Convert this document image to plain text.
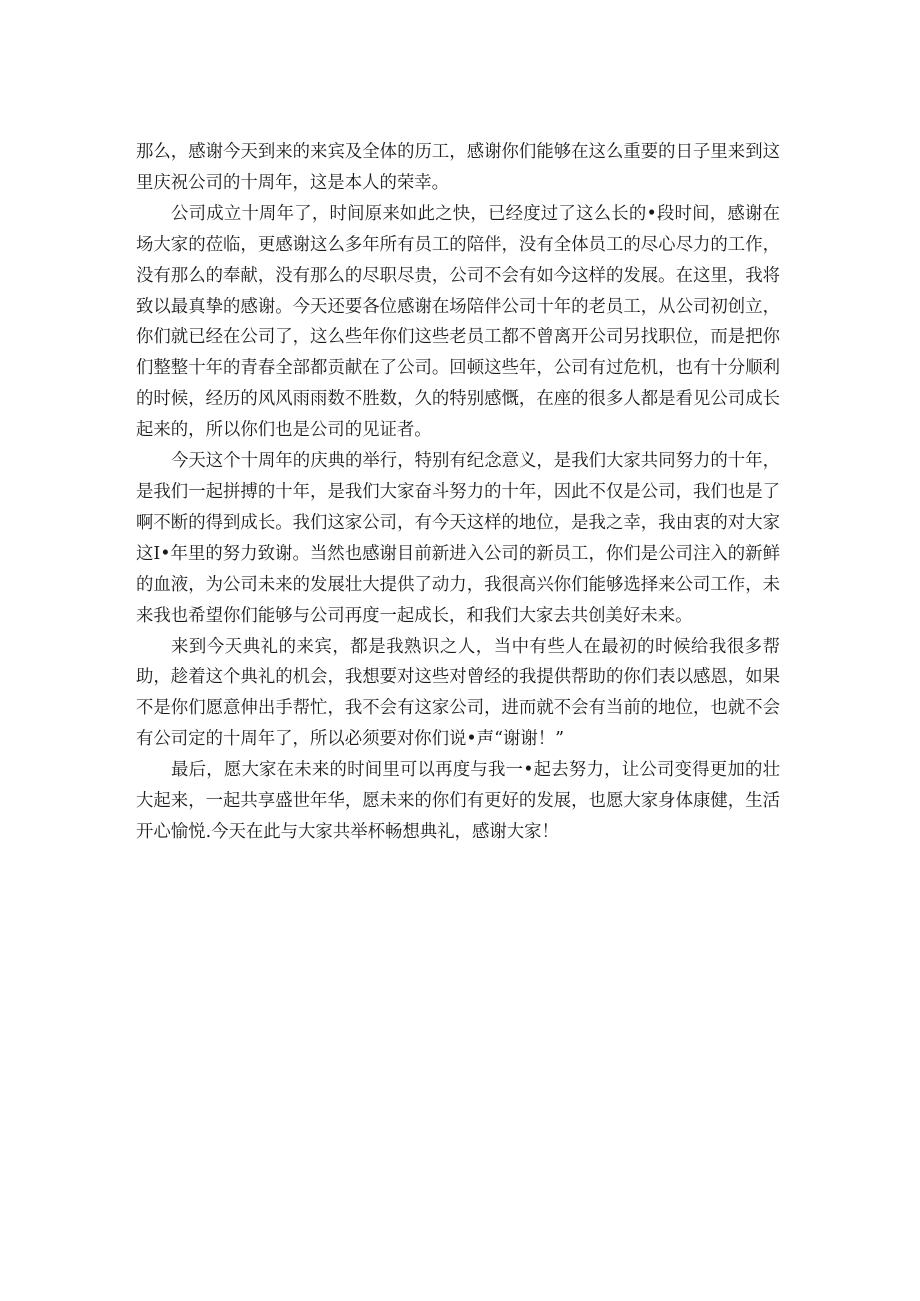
那么，感谢今天到来的来宾及全体的历工，感谢你们能够在这么重要的日子里来到这里庆祝公司的十周年，这是本人的荣幸。

公司成立十周年了，时间原来如此之快，已经度过了这么长的•段时间，感谢在场大家的莅临，更感谢这么多年所有员工的陪伴，没有全体员工的尽心尽力的工作，没有那么的奉献，没有那么的尽职尽贵，公司不会有如今这样的发展。在这里，我将致以最真挚的感谢。今天还要各位感谢在场陪伴公司十年的老员工，从公司初创立，你们就已经在公司了，这么些年你们这些老员工都不曾离开公司另找职位，而是把你们整整十年的青春全部都贡献在了公司。回顿这些年，公司有过危机，也有十分顺利的时候，经历的风风雨雨数不胜数，久的特别感慨，在座的很多人都是看见公司成长起来的，所以你们也是公司的见证者。

今天这个十周年的庆典的举行，特别有纪念意义，是我们大家共同努力的十年，是我们一起拼搏的十年，是我们大家奋斗努力的十年，因此不仅是公司，我们也是了啊不断的得到成长。我们这家公司，有今天这样的地位，是我之幸，我由衷的对大家这I•年里的努力致谢。当然也感谢目前新进入公司的新员工，你们是公司注入的新鲜的血液，为公司未来的发展壮大提供了动力，我很高兴你们能够选择来公司工作，未来我也希望你们能够与公司再度一起成长，和我们大家去共创美好未来。

来到今天典礼的来宾，都是我熟识之人，当中有些人在最初的时候给我很多帮助，趁着这个典礼的机会，我想要对这些对曾经的我提供帮助的你们表以感恩，如果不是你们愿意伸出手帮忙，我不会有这家公司，进而就不会有当前的地位，也就不会有公司定的十周年了，所以必须要对你们说•声“谢谢！”

最后，愿大家在未来的时间里可以再度与我一•起去努力，让公司变得更加的壮大起来，一起共享盛世年华，愿未来的你们有更好的发展，也愿大家身体康健，生活开心愉悦.今天在此与大家共举杯畅想典礼，感谢大家！
